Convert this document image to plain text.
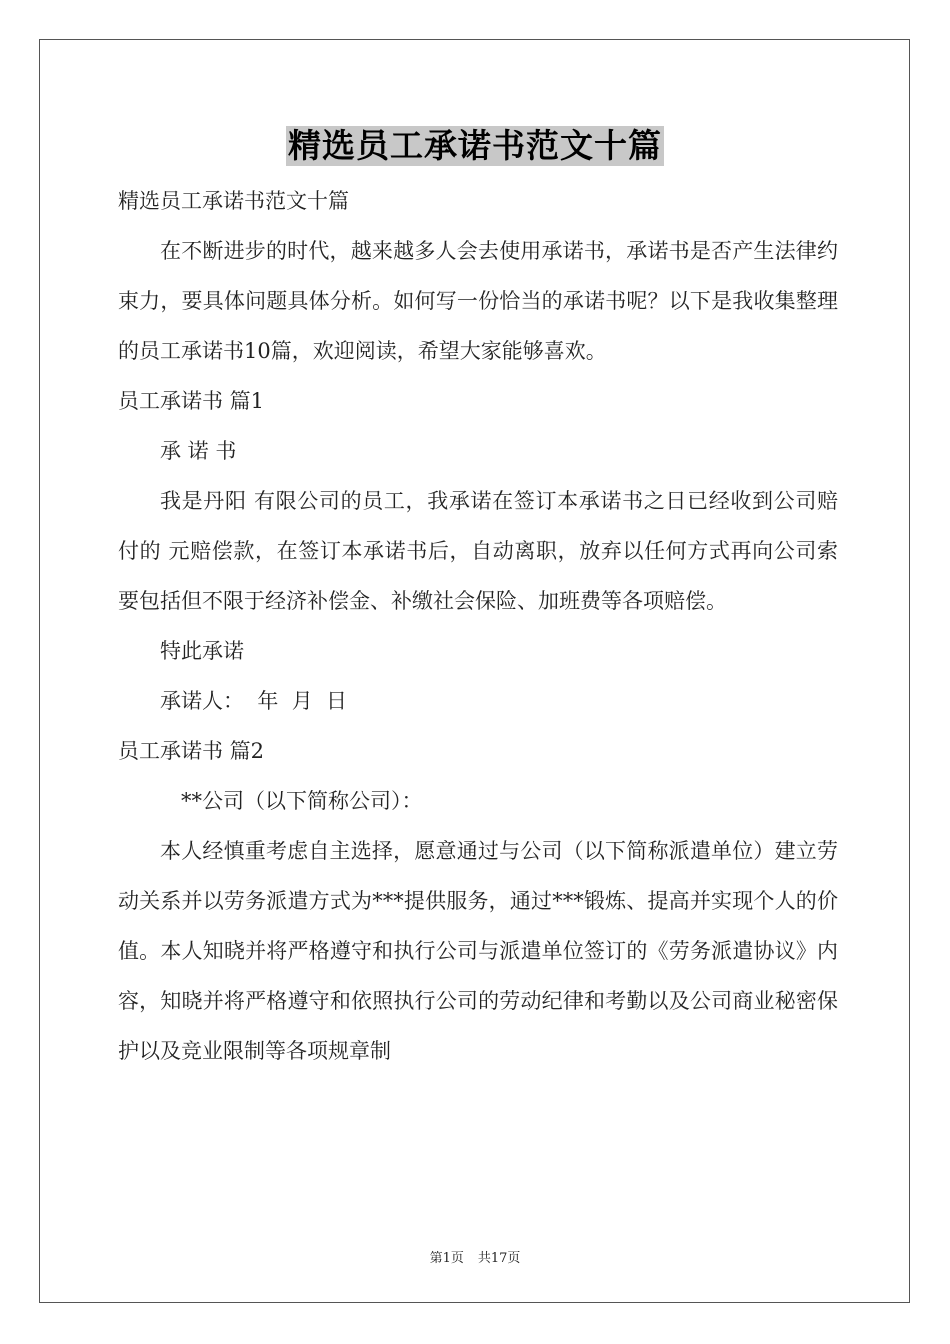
精选员工承诺书范文十篇

精选员工承诺书范文十篇

在不断进步的时代，越来越多人会去使用承诺书，承诺书是否产生法律约束力，要具体问题具体分析。如何写一份恰当的承诺书呢？以下是我收集整理的员工承诺书10篇，欢迎阅读，希望大家能够喜欢。

员工承诺书 篇1

承 诺 书

我是丹阳 有限公司的员工，我承诺在签订本承诺书之日已经收到公司赔付的 元赔偿款，在签订本承诺书后，自动离职，放弃以任何方式再向公司索要包括但不限于经济补偿金、补缴社会保险、加班费等各项赔偿。

特此承诺

承诺人：  年  月  日

员工承诺书 篇2

**公司（以下简称公司）：

本人经慎重考虑自主选择，愿意通过与公司（以下简称派遣单位）建立劳动关系并以劳务派遣方式为***提供服务，通过***锻炼、提高并实现个人的价值。本人知晓并将严格遵守和执行公司与派遣单位签订的《劳务派遣协议》内容，知晓并将严格遵守和依照执行公司的劳动纪律和考勤以及公司商业秘密保护以及竞业限制等各项规章制

第1页 共17页
